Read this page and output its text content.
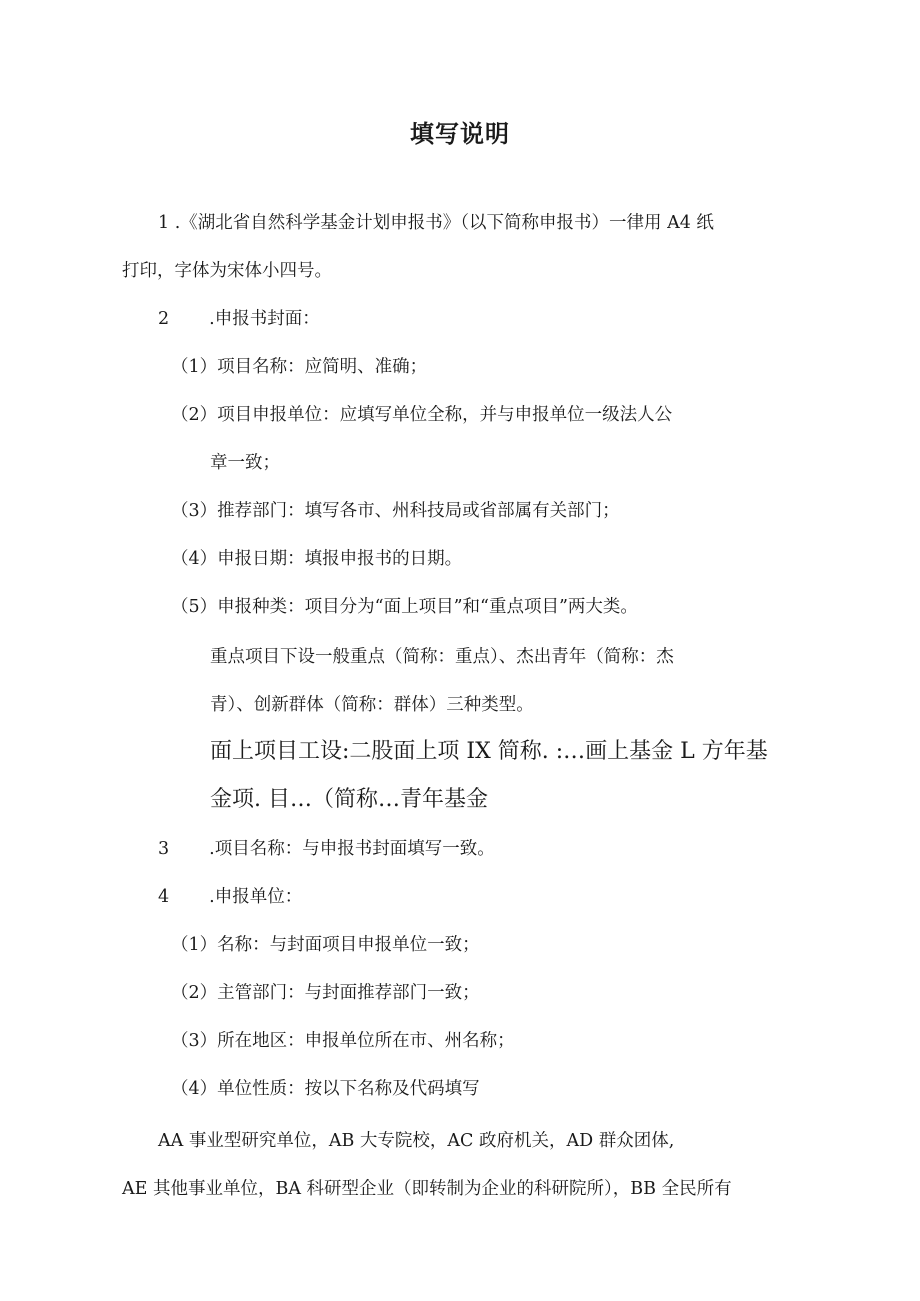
填写说明
1 .《湖北省自然科学基金计划申报书》（以下简称申报书）一律用 A4 纸
打印，字体为宋体小四号。
2 .申报书封面：
（1）项目名称：应简明、准确；
（2）项目申报单位：应填写单位全称，并与申报单位一级法人公
章一致；
（3）推荐部门：填写各市、州科技局或省部属有关部门；
（4）申报日期：填报申报书的日期。
（5）申报种类：项目分为“面上项目”和“重点项目”两大类。
重点项目下设一般重点（简称：重点）、杰出青年（简称：杰
青）、创新群体（简称：群体）三种类型。
面上项目工设:二股面上项 IX 简称. :…画上基金 L 方年基
金项. 目…（简称…青年基金
3 .项目名称：与申报书封面填写一致。
4 .申报单位：
（1）名称：与封面项目申报单位一致；
（2）主管部门：与封面推荐部门一致；
（3）所在地区：申报单位所在市、州名称；
（4）单位性质：按以下名称及代码填写
AA 事业型研究单位，AB 大专院校，AC 政府机关，AD 群众团体,
AE 其他事业单位，BA 科研型企业（即转制为企业的科研院所），BB 全民所有
